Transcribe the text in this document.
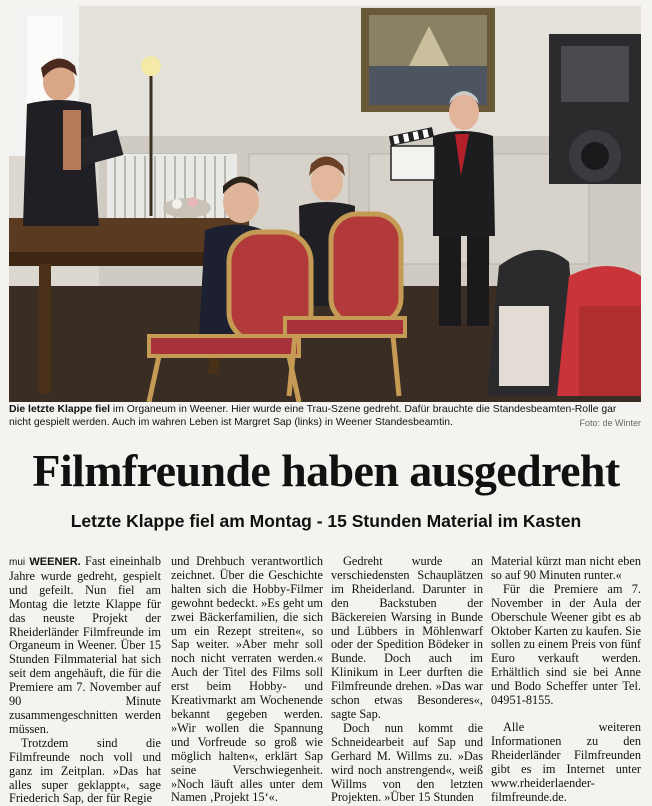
Die letzte Klappe fiel im Organeum in Weener. Hier wurde eine Trau-Szene gedreht. Dafür brauchte die Standesbeamten-Rolle gar nicht gespielt werden. Auch im wahren Leben ist Margret Sap (links) in Weener Standesbeamtin.	Foto: de Winter
Filmfreunde haben ausgedreht
Letzte Klappe fiel am Montag - 15 Stunden Material im Kasten

mui WEENER. Fast eineinhalb Jahre wurde gedreht, gespielt und gefeilt. Nun fiel am Montag die letzte Klappe für das neuste Projekt der Rheiderländer Filmfreunde im Organeum in Weener. Über 15 Stunden Filmmaterial hat sich seit dem angehäuft, die für die Premiere am 7. November auf 90 Minute zusammengeschnitten werden müssen.

Trotzdem sind die Filmfreunde noch voll und ganz im Zeitplan. »Das hat alles super geklappt«, sage Friederich Sap, der für Regie

und Drehbuch verantwortlich zeichnet. Über die Geschichte halten sich die Hobby-Filmer gewohnt bedeckt. »Es geht um zwei Bäckerfamilien, die sich um ein Rezept streiten«, so Sap weiter. »Aber mehr soll noch nicht verraten werden.« Auch der Titel des Films soll erst beim Hobby- und Kreativmarkt am Wochenende bekannt gegeben werden. »Wir wollen die Spannung und Vorfreude so groß wie möglich halten«, erklärt Sap seine Verschwiegenheit. »Noch läuft alles unter dem Namen ‚Projekt 15‘«.

Gedreht wurde an verschiedensten Schauplätzen im Rheiderland. Darunter in den Backstuben der Bäckereien Warsing in Bunde und Lübbers in Möhlenwarf oder der Spedition Bödeker in Bunde. Doch auch im Klinikum in Leer durften die Filmfreunde drehen. »Das war schon etwas Besonderes«, sagte Sap.

Doch nun kommt die Schneidearbeit auf Sap und Gerhard M. Willms zu. »Das wird noch anstrengend«, weiß Willms von den letzten Projekten. »Über 15 Stunden

Material kürzt man nicht eben so auf 90 Minuten runter.«

Für die Premiere am 7. November in der Aula der Oberschule Weener gibt es ab Oktober Karten zu kaufen. Sie sollen zu einem Preis von fünf Euro verkauft werden. Erhältlich sind sie bei Anne und Bodo Scheffer unter Tel. 04951-8155.

Alle weiteren Informationen zu den Rheiderländer Filmfreunden gibt es im Internet unter www.rheiderlaender-filmfreunde.de.
